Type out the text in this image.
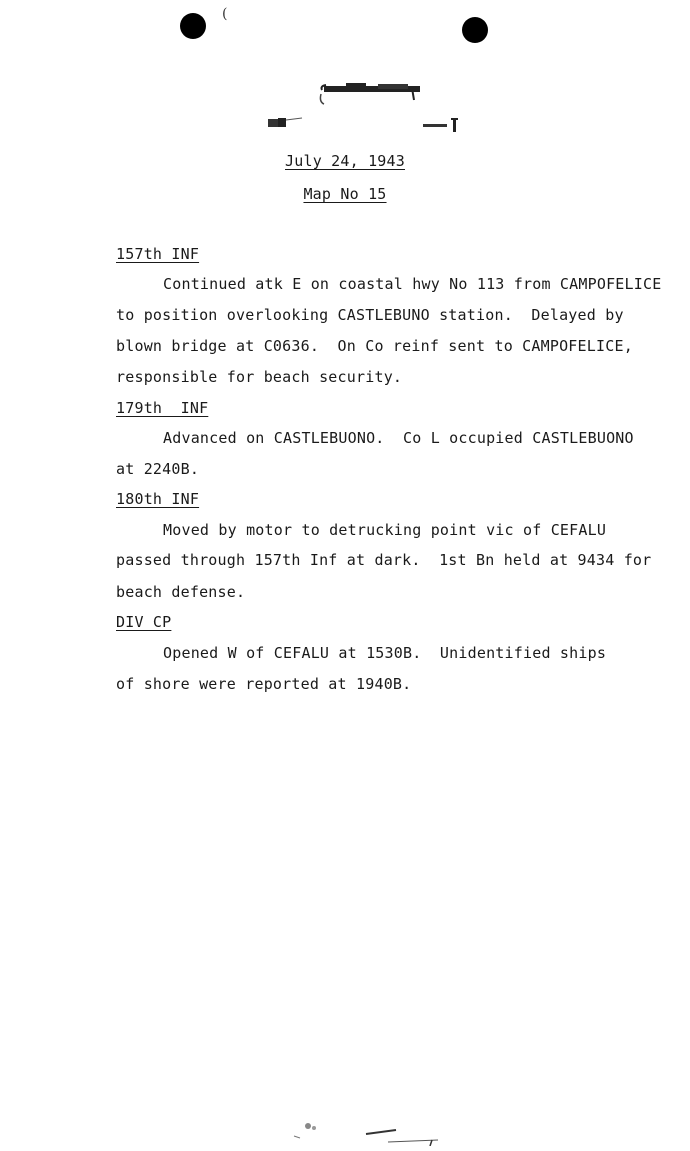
(
July 24, 1943
Map No 15
157th INF
Continued atk E on coastal hwy No 113 from CAMPOFELICE
to position overlooking CASTLEBUNO station.  Delayed by
blown bridge at C0636.  On Co reinf sent to CAMPOFELICE,
responsible for beach security.
179th  INF
Advanced on CASTLEBUONO.  Co L occupied CASTLEBUONO
at 2240B.
180th INF
Moved by motor to detrucking point vic of CEFALU
passed through 157th Inf at dark.  1st Bn held at 9434 for
beach defense.
DIV CP
Opened W of CEFALU at 1530B.  Unidentified ships
of shore were reported at 1940B.
